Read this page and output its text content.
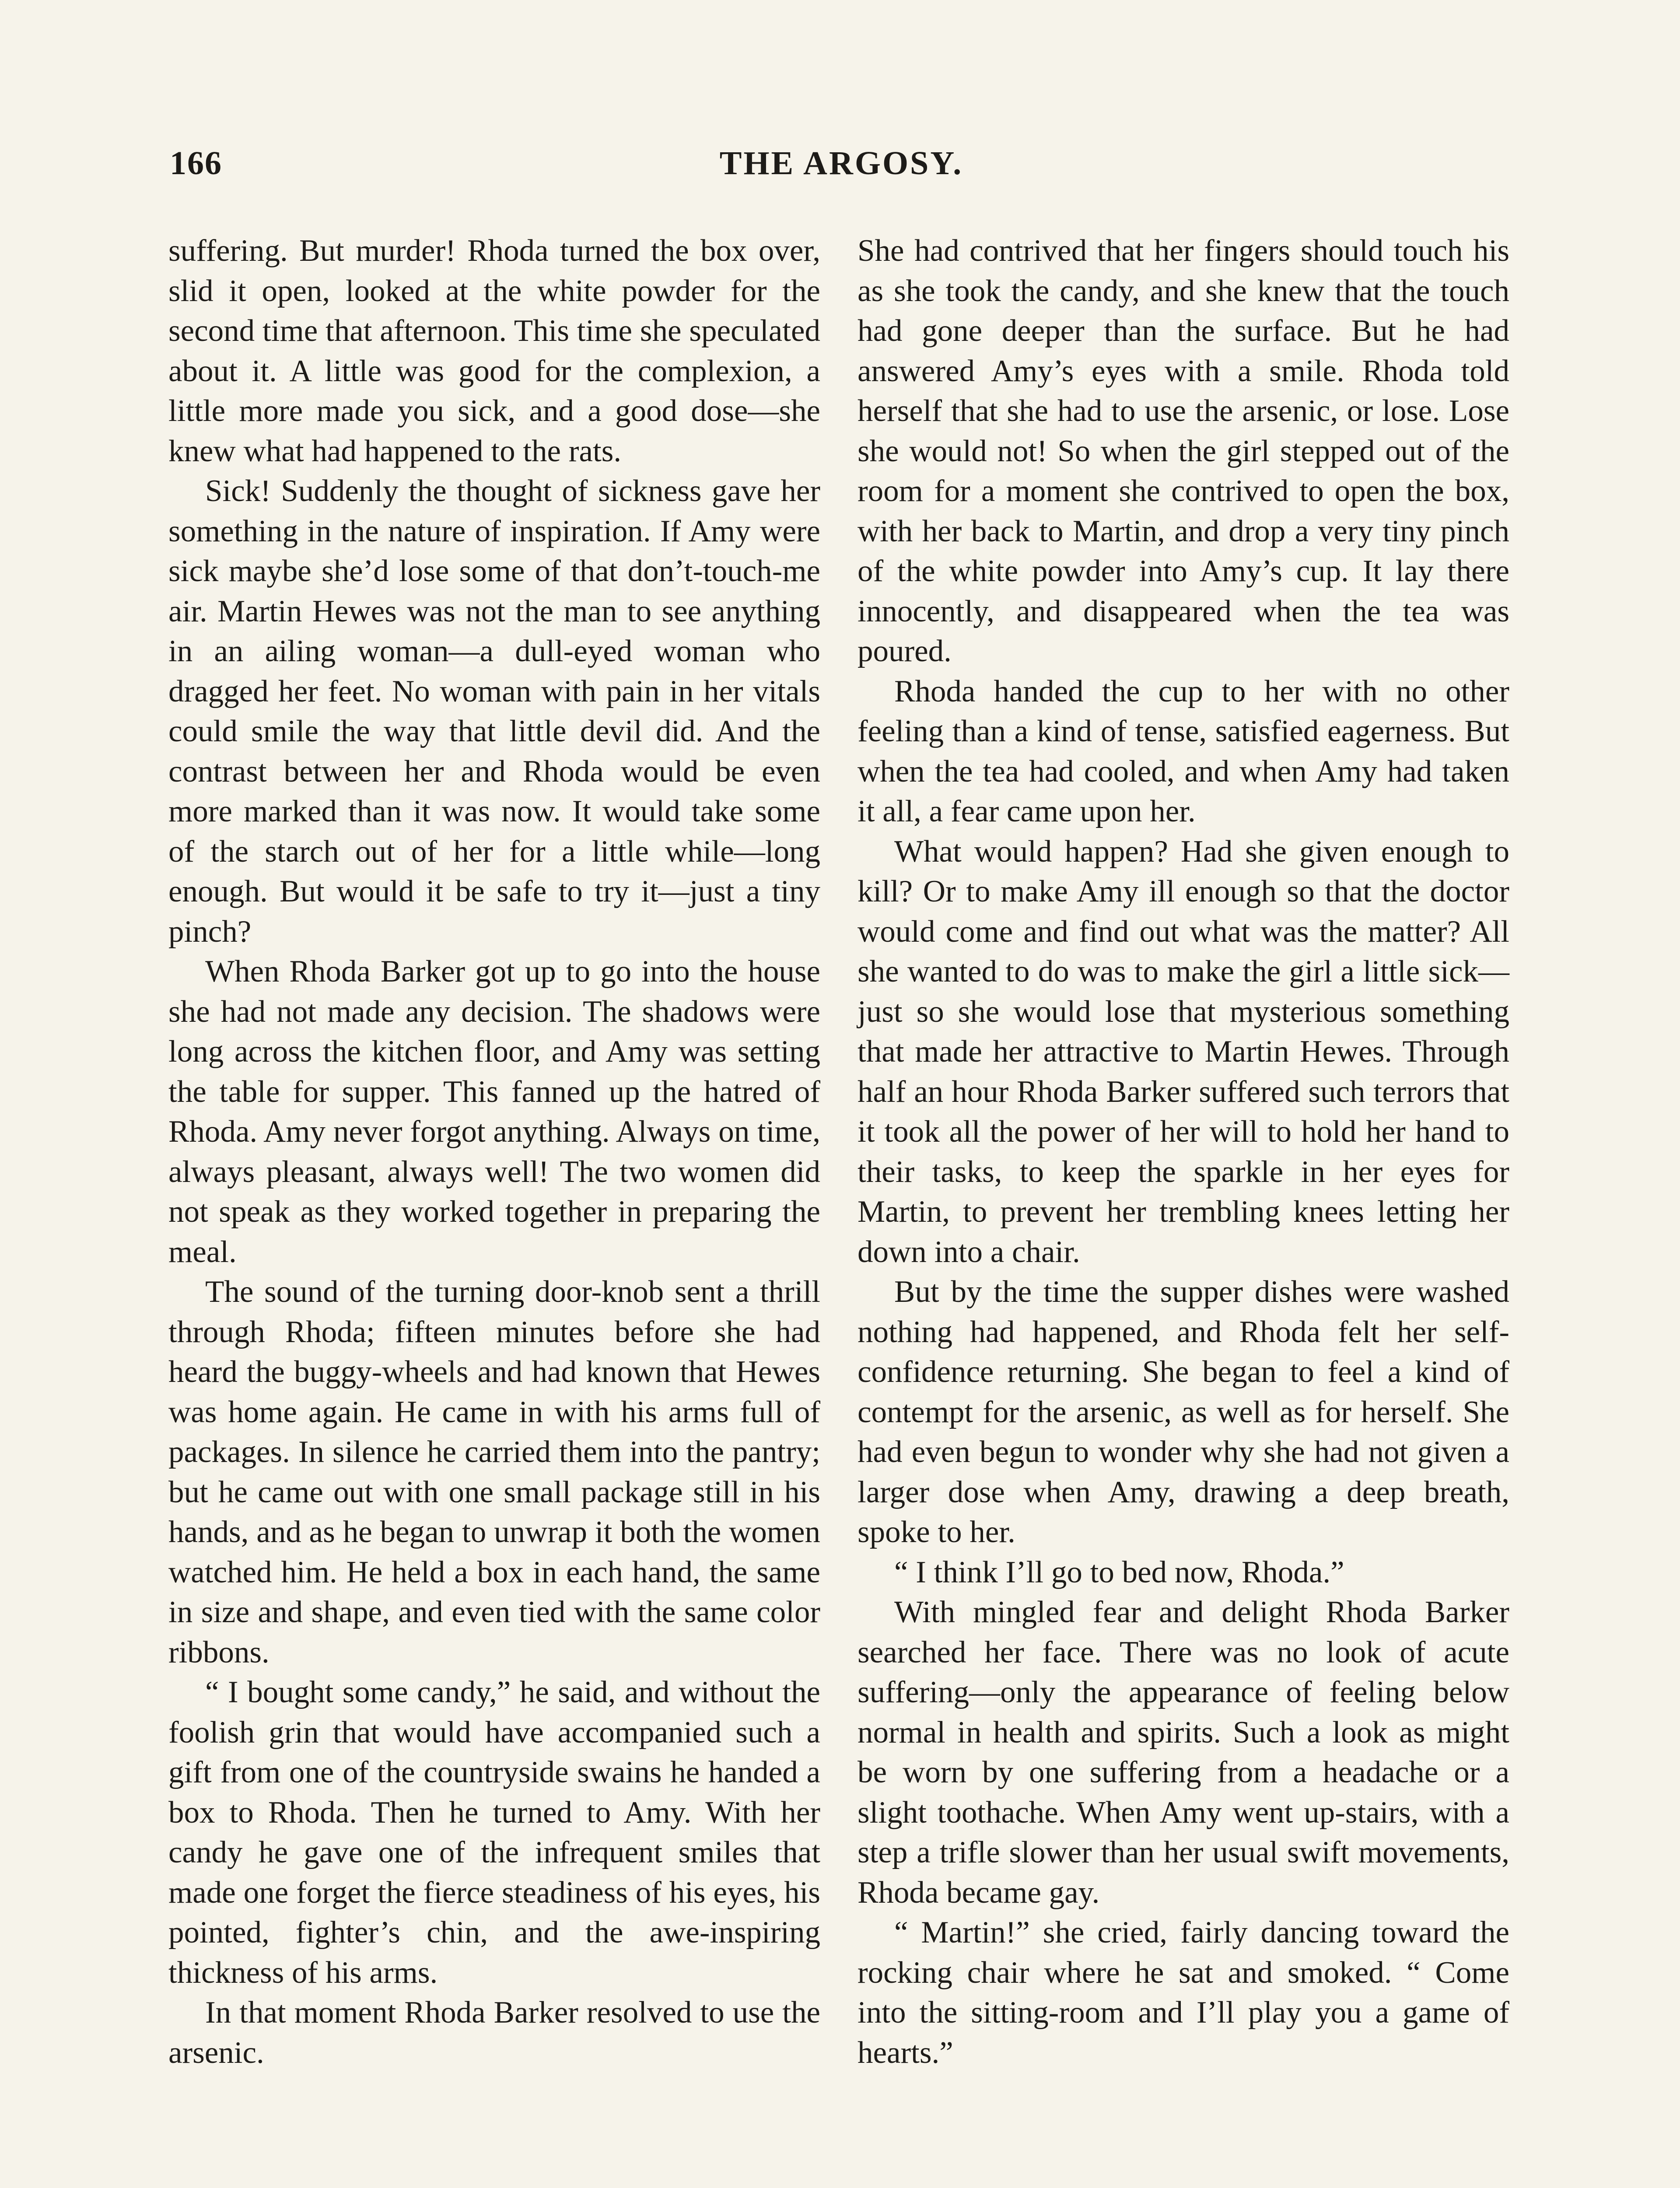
166	THE ARGOSY.

suffering. But murder! Rhoda turned the box over, slid it open, looked at the white powder for the second time that afternoon. This time she speculated about it. A little was good for the complexion, a little more made you sick, and a good dose—she knew what had happened to the rats.

Sick! Suddenly the thought of sickness gave her something in the nature of inspiration. If Amy were sick maybe she’d lose some of that don’t-touch-me air. Martin Hewes was not the man to see anything in an ailing woman—a dull-eyed woman who dragged her feet. No woman with pain in her vitals could smile the way that little devil did. And the contrast between her and Rhoda would be even more marked than it was now. It would take some of the starch out of her for a little while—long enough. But would it be safe to try it—just a tiny pinch?

When Rhoda Barker got up to go into the house she had not made any decision. The shadows were long across the kitchen floor, and Amy was setting the table for supper. This fanned up the hatred of Rhoda. Amy never forgot anything. Always on time, always pleasant, always well! The two women did not speak as they worked together in preparing the meal.

The sound of the turning door-knob sent a thrill through Rhoda; fifteen minutes before she had heard the buggy-wheels and had known that Hewes was home again. He came in with his arms full of packages. In silence he carried them into the pantry; but he came out with one small package still in his hands, and as he began to unwrap it both the women watched him. He held a box in each hand, the same in size and shape, and even tied with the same color ribbons.

“ I bought some candy,” he said, and without the foolish grin that would have accompanied such a gift from one of the countryside swains he handed a box to Rhoda. Then he turned to Amy. With her candy he gave one of the infrequent smiles that made one forget the fierce steadiness of his eyes, his pointed, fighter’s chin, and the awe-inspiring thickness of his arms.

In that moment Rhoda Barker resolved to use the arsenic.

She had contrived that her fingers should touch his as she took the candy, and she knew that the touch had gone deeper than the surface. But he had answered Amy’s eyes with a smile. Rhoda told herself that she had to use the arsenic, or lose. Lose she would not! So when the girl stepped out of the room for a moment she contrived to open the box, with her back to Martin, and drop a very tiny pinch of the white powder into Amy’s cup. It lay there innocently, and disappeared when the tea was poured.

Rhoda handed the cup to her with no other feeling than a kind of tense, satisfied eagerness. But when the tea had cooled, and when Amy had taken it all, a fear came upon her.

What would happen? Had she given enough to kill? Or to make Amy ill enough so that the doctor would come and find out what was the matter? All she wanted to do was to make the girl a little sick—just so she would lose that mysterious something that made her attractive to Martin Hewes. Through half an hour Rhoda Barker suffered such terrors that it took all the power of her will to hold her hand to their tasks, to keep the sparkle in her eyes for Martin, to prevent her trembling knees letting her down into a chair.

But by the time the supper dishes were washed nothing had happened, and Rhoda felt her self-confidence returning. She began to feel a kind of contempt for the arsenic, as well as for herself. She had even begun to wonder why she had not given a larger dose when Amy, drawing a deep breath, spoke to her.

“ I think I’ll go to bed now, Rhoda.”

With mingled fear and delight Rhoda Barker searched her face. There was no look of acute suffering—only the appearance of feeling below normal in health and spirits. Such a look as might be worn by one suffering from a headache or a slight toothache. When Amy went up-stairs, with a step a trifle slower than her usual swift movements, Rhoda became gay.

“ Martin!” she cried, fairly dancing toward the rocking chair where he sat and smoked. “ Come into the sitting-room and I’ll play you a game of hearts.”
